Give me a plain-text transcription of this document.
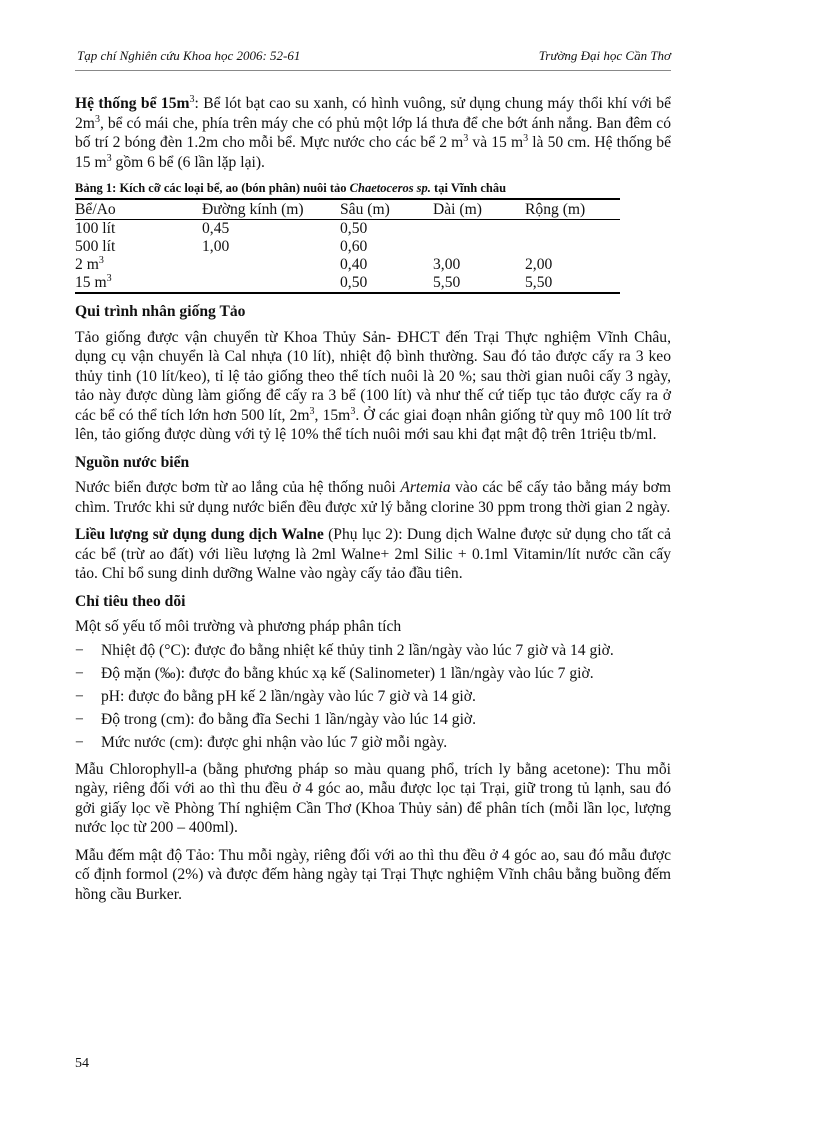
Tạp chí Nghiên cứu Khoa học 2006: 52-61	Trường Đại học Cần Thơ

Hệ thống bể $15m^3$: Bể lót bạt cao su xanh, có hình vuông, sử dụng chung máy thổi khí với bể $2m^3$, bể có mái che, phía trên máy che có phủ một lớp lá thưa để che bớt ánh nắng. Ban đêm có bố trí 2 bóng đèn 1.2m cho mỗi bể. Mực nước cho các bể 2 $m^3$ và 15 $m^3$ là 50 cm. Hệ thống bể 15 $m^3$ gồm 6 bể (6 lần lặp lại).

Bảng 1: Kích cỡ các loại bể, ao (bón phân) nuôi tảo Chaetoceros sp. tại Vĩnh châu
Bể/Ao	Đường kính (m)	Sâu (m)	Dài (m)	Rộng (m)
100 lít	0,45	0,50		
500 lít	1,00	0,60		
2 $m^3$		0,40	3,00	2,00
15 $m^3$		0,50	5,50	5,50
Qui trình nhân giống Tảo

Tảo giống được vận chuyển từ Khoa Thủy Sản- ĐHCT đến Trại Thực nghiệm Vĩnh Châu, dụng cụ vận chuyển là Cal nhựa (10 lít), nhiệt độ bình thường. Sau đó tảo được cấy ra 3 keo thủy tinh (10 lít/keo), tỉ lệ tảo giống theo thể tích nuôi là 20 %; sau thời gian nuôi cấy 3 ngày, tảo này được dùng làm giống để cấy ra 3 bể (100 lít) và như thế cứ tiếp tục tảo được cấy ra ở các bể có thể tích lớn hơn 500 lít, $2m^3$, $15m^3$. Ở các giai đoạn nhân giống từ quy mô 100 lít trở lên, tảo giống được dùng với tỷ lệ 10% thể tích nuôi mới sau khi đạt mật độ trên 1triệu tb/ml.

Nguồn nước biển

Nước biển được bơm từ ao lắng của hệ thống nuôi Artemia vào các bể cấy tảo bằng máy bơm chìm. Trước khi sử dụng nước biển đều được xử lý bằng clorine 30 ppm trong thời gian 2 ngày.

Liều lượng sử dụng dung dịch Walne (Phụ lục 2): Dung dịch Walne được sử dụng cho tất cả các bể (trừ ao đất) với liều lượng là 2ml Walne+ 2ml Silic + 0.1ml Vitamin/lít nước cần cấy tảo. Chỉ bổ sung dinh dưỡng Walne vào ngày cấy tảo đầu tiên.

Chỉ tiêu theo dõi

Một số yếu tố môi trường và phương pháp phân tích

− Nhiệt độ (°C): được đo bằng nhiệt kế thủy tinh 2 lần/ngày vào lúc 7 giờ và 14 giờ.
− Độ mặn (‰): được đo bằng khúc xạ kế (Salinometer) 1 lần/ngày vào lúc 7 giờ.
− pH: được đo bằng pH kế 2 lần/ngày vào lúc 7 giờ và 14 giờ.
− Độ trong (cm): đo bằng đĩa Sechi 1 lần/ngày vào lúc 14 giờ.
− Mức nước (cm): được ghi nhận vào lúc 7 giờ mỗi ngày.

Mẫu Chlorophyll-a (bằng phương pháp so màu quang phổ, trích ly bằng acetone): Thu mỗi ngày, riêng đối với ao thì thu đều ở 4 góc ao, mẫu được lọc tại Trại, giữ trong tủ lạnh, sau đó gởi giấy lọc về Phòng Thí nghiệm Cần Thơ (Khoa Thủy sản) để phân tích (mỗi lần lọc, lượng nước lọc từ 200 – 400ml).

Mẫu đếm mật độ Tảo: Thu mỗi ngày, riêng đối với ao thì thu đều ở 4 góc ao, sau đó mẫu được cố định formol (2%) và được đếm hàng ngày tại Trại Thực nghiệm Vĩnh châu bằng buồng đếm hồng cầu Burker.

54
